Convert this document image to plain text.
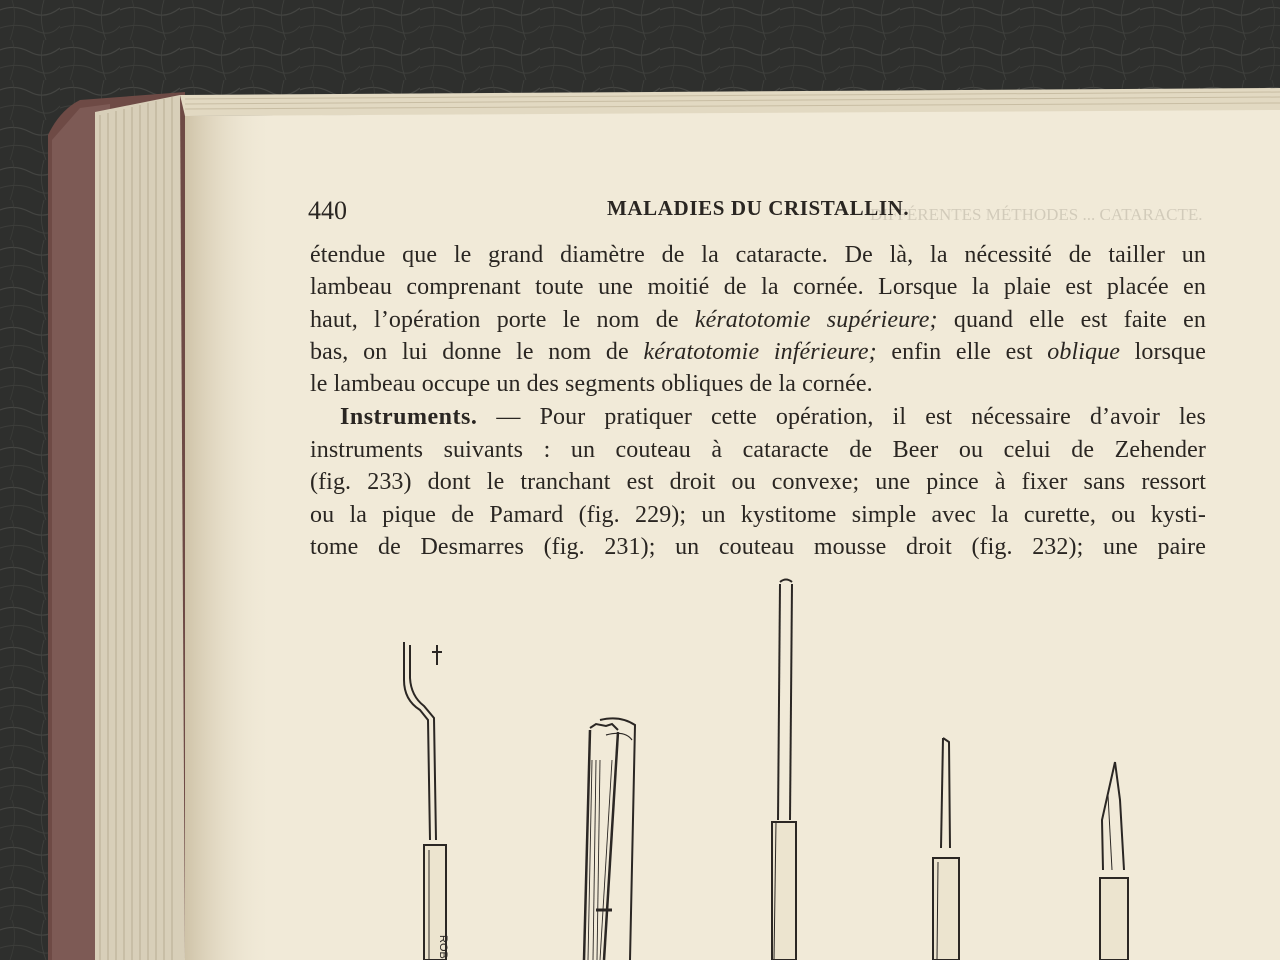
DIFFÉRENTES MÉTHODES ... CATARACTE.
440	MALADIES DU CRISTALLIN.
étendue que le grand diamètre de la cataracte. De là, la nécessité de tailler un
lambeau comprenant toute une moitié de la cornée. Lorsque la plaie est placée en
haut, l’opération porte le nom de kératotomie supérieure; quand elle est faite en
bas, on lui donne le nom de kératotomie inférieure; enfin elle est oblique lorsque
le lambeau occupe un des segments obliques de la cornée.
Instruments. — Pour pratiquer cette opération, il est nécessaire d’avoir les
instruments suivants : un couteau à cataracte de Beer ou celui de Zehender
(fig. 233) dont le tranchant est droit ou convexe; une pince à fixer sans ressort
ou la pique de Pamard (fig. 229); un kystitome simple avec la curette, ou kysti-
tome de Desmarres (fig. 231); un couteau mousse droit (fig. 232); une paire
ROB
